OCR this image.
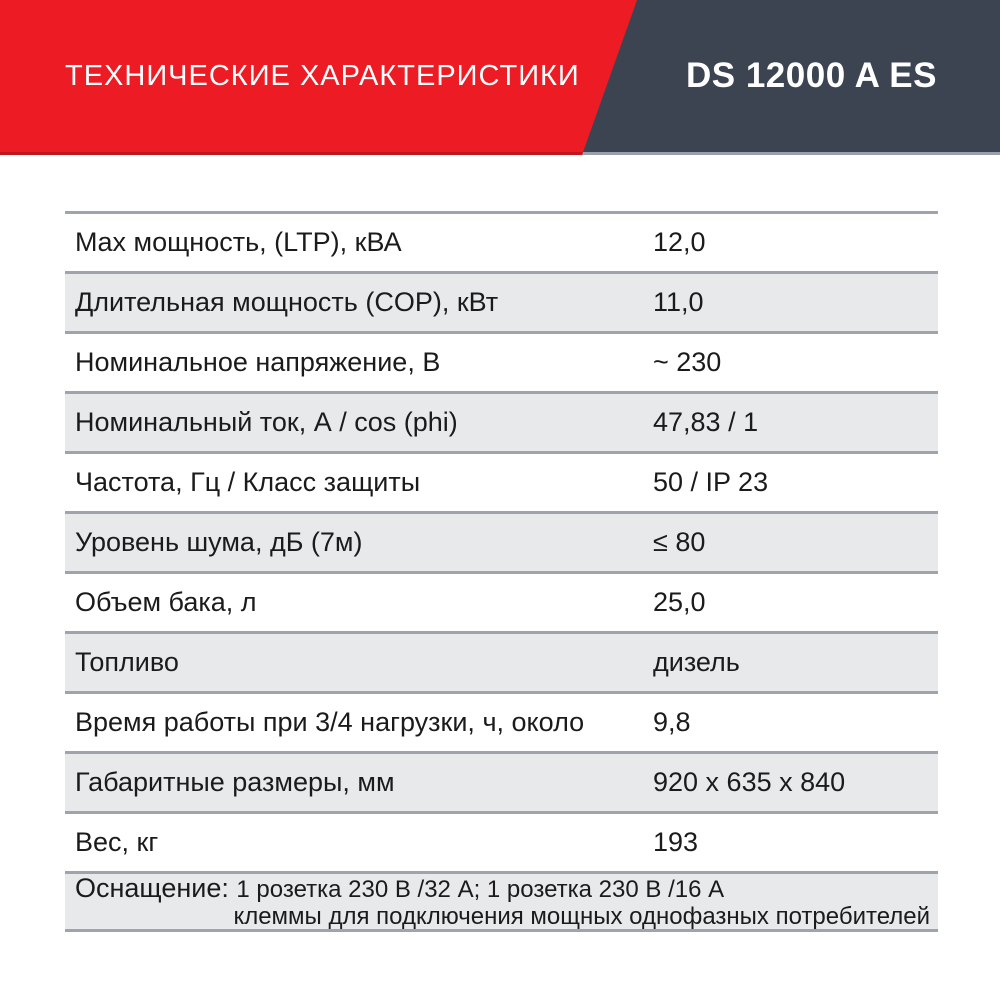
ТЕХНИЧЕСКИЕ ХАРАКТЕРИСТИКИ	DS 12000 A ES
Max мощность, (LTP), кВА	12,0
Длительная мощность (COP), кВт	11,0
Номинальное напряжение, В	~ 230
Номинальный ток, А / cos (phi)	47,83 / 1
Частота, Гц / Класс защиты	50 / IP 23
Уровень шума, дБ (7м)	≤ 80
Объем бака, л	25,0
Топливо	дизель
Время работы при 3/4 нагрузки, ч, около	9,8
Габаритные размеры, мм	920 x 635 x 840
Вес, кг	193
Оснащение: 1 розетка 230 В /32 А; 1 розетка 230 В /16 А
клеммы для подключения мощных однофазных потребителей
